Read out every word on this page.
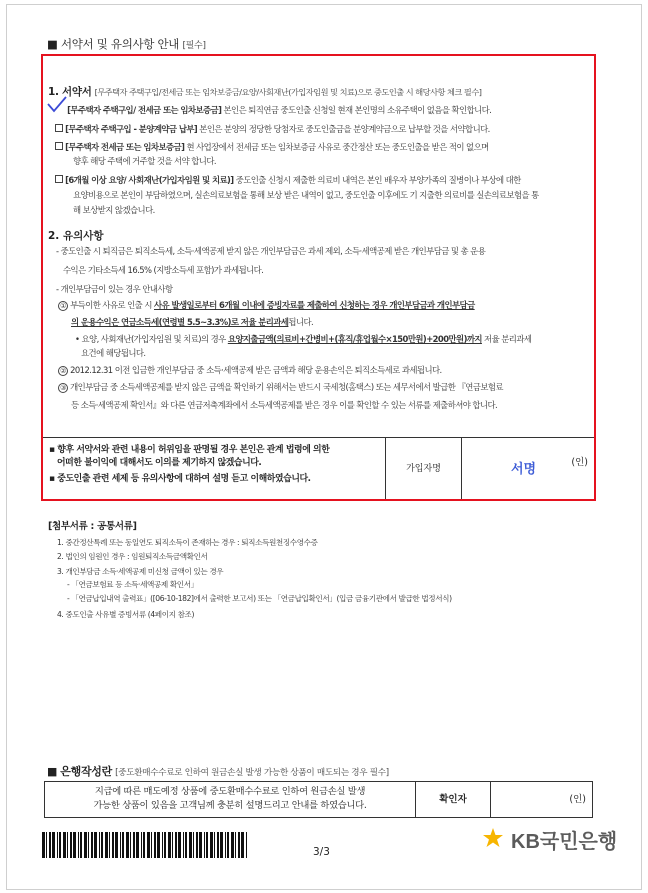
■ 서약서 및 유의사항 안내 [필수]
1. 서약서 [무주택자 주택구입/전세금 또는 임차보증금/요양/사회재난(가입자임원 및 치료)으로 중도인출 시 해당사항 체크 필수]
[무주택자 주택구입/ 전세금 또는 임차보증금] 본인은 퇴직연금 중도인출 신청일 현재 본인명의 소유주택이 없음을 확인합니다.
[무주택자 주택구입 - 분양계약금 납부] 본인은 분양의 정당한 당첨자로 중도인출금을 분양계약금으로 납부할 것을 서약합니다.
[무주택자 전세금 또는 임차보증금] 현 사업장에서 전세금 또는 임차보증금 사유로 중간정산 또는 중도인출을 받은 적이 없으며
향후 해당 주택에 거주할 것을 서약 합니다.
[6개월 이상 요양/ 사회재난(가입자임원 및 치료)] 중도인출 신청시 제출한 의료비 내역은 본인 배우자 부양가족의 질병이나 부상에 대한
요양비용으로 본인이 부담하였으며, 실손의료보험을 통해 보상 받은 내역이 없고, 중도인출 이후에도 기 지출한 의료비를 실손의료보험을 통
해 보상받지 않겠습니다.
2. 유의사항
- 중도인출 시 퇴직금은 퇴직소득세, 소득·세액공제 받지 않은 개인부담금은 과세 제외, 소득·세액공제 받은 개인부담금 및 총 운용
수익은 기타소득세 16.5% (지방소득세 포함)가 과세됩니다.
- 개인부담금이 있는 경우 안내사항
① 부득이한 사유로 인출 시 사유 발생일로부터 6개월 이내에 증빙자료를 제출하여 신청하는 경우 개인부담금과 개인부담금
의 운용수익은 연금소득세(연령별 5.5~3.3%)로 저율 분리과세됩니다.
• 요양, 사회재난(가입자임원 및 치료)의 경우 요양지출금액(의료비+간병비+(휴직/휴업월수×150만원)+200만원)까지 저율 분리과세
요건에 해당됩니다.
② 2012.12.31 이전 입금한 개인부담금 중 소득·세액공제 받은 금액과 해당 운용손익은 퇴직소득세로 과세됩니다.
③ 개인부담금 중 소득세액공제를 받지 않은 금액을 확인하기 위해서는 반드시 국세청(홈택스) 또는 세무서에서 발급한 『연금보험료
등 소득·세액공제 확인서』와 다른 연금저축계좌에서 소득세액공제를 받은 경우 이를 확인할 수 있는 서류를 제출하셔야 합니다.
▪ 향후 서약서와 관련 내용이 허위임을 판명될 경우 본인은 관계 법령에 의한
어떠한 불이익에 대해서도 이의를 제기하지 않겠습니다.
▪ 중도인출 관련 세제 등 유의사항에 대하여 설명 듣고 이해하였습니다.
가입자명	서명	(인)
[첨부서류 : 공통서류]
1. 중간정산특례 또는 동일연도 퇴직소득이 존재하는 경우 : 퇴직소득원천징수영수증
2. 법인의 임원인 경우 : 임원퇴직소득금액확인서
3. 개인부담금 소득·세액공제 미신청 금액이 있는 경우
- 「연금보험료 등 소득·세액공제 확인서」
- 「연금납입내역 출력표」([06-10-182]에서 출력한 보고서) 또는 「연금납입확인서」(입금 금융기관에서 발급한 법정서식)
4. 중도인출 사유별 증빙서류 (4페이지 참조)
■ 은행작성란 [중도환매수수료로 인하여 원금손실 발생 가능한 상품이 매도되는 경우 필수]
지급에 따른 매도예정 상품에 중도환매수수료로 인하여 원금손실 발생
가능한 상품이 있음을 고객님께 충분히 설명드리고 안내를 하였습니다.
확인자	(인)
3/3	KB국민은행
